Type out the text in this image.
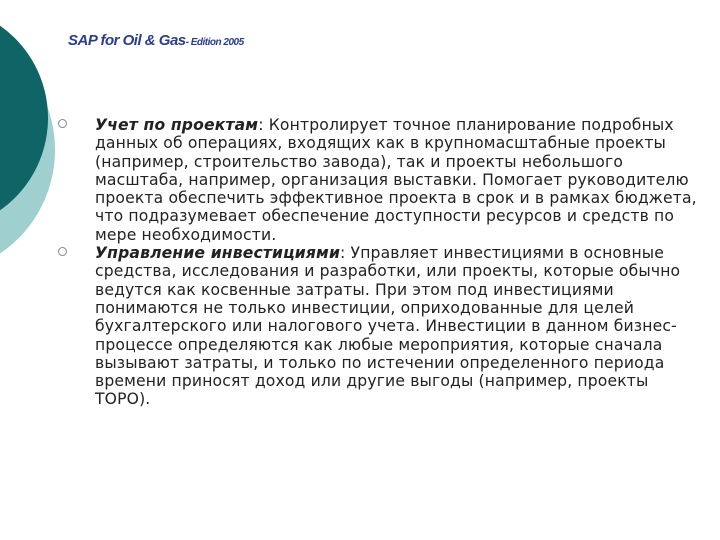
SAP for Oil & Gas- Edition 2005
Учет по проектам: Контролирует точное планирование подробных данных об операциях, входящих как в крупномасштабные проекты (например, строительство завода), так и проекты небольшого масштаба, например, организация выставки. Помогает руководителю проекта обеспечить эффективное проекта в срок и в рамках бюджета, что подразумевает обеспечение доступности ресурсов и средств по мере необходимости.
Управление инвестициями: Управляет инвестициями в основные средства, исследования и разработки, или проекты, которые обычно ведутся как косвенные затраты. При этом под инвестициями понимаются не только инвестиции, оприходованные для целей бухгалтерского или налогового учета. Инвестиции в данном бизнес-процессе определяются как любые мероприятия, которые сначала вызывают затраты, и только по истечении определенного периода времени приносят доход или другие выгоды (например, проекты ТОРО).
